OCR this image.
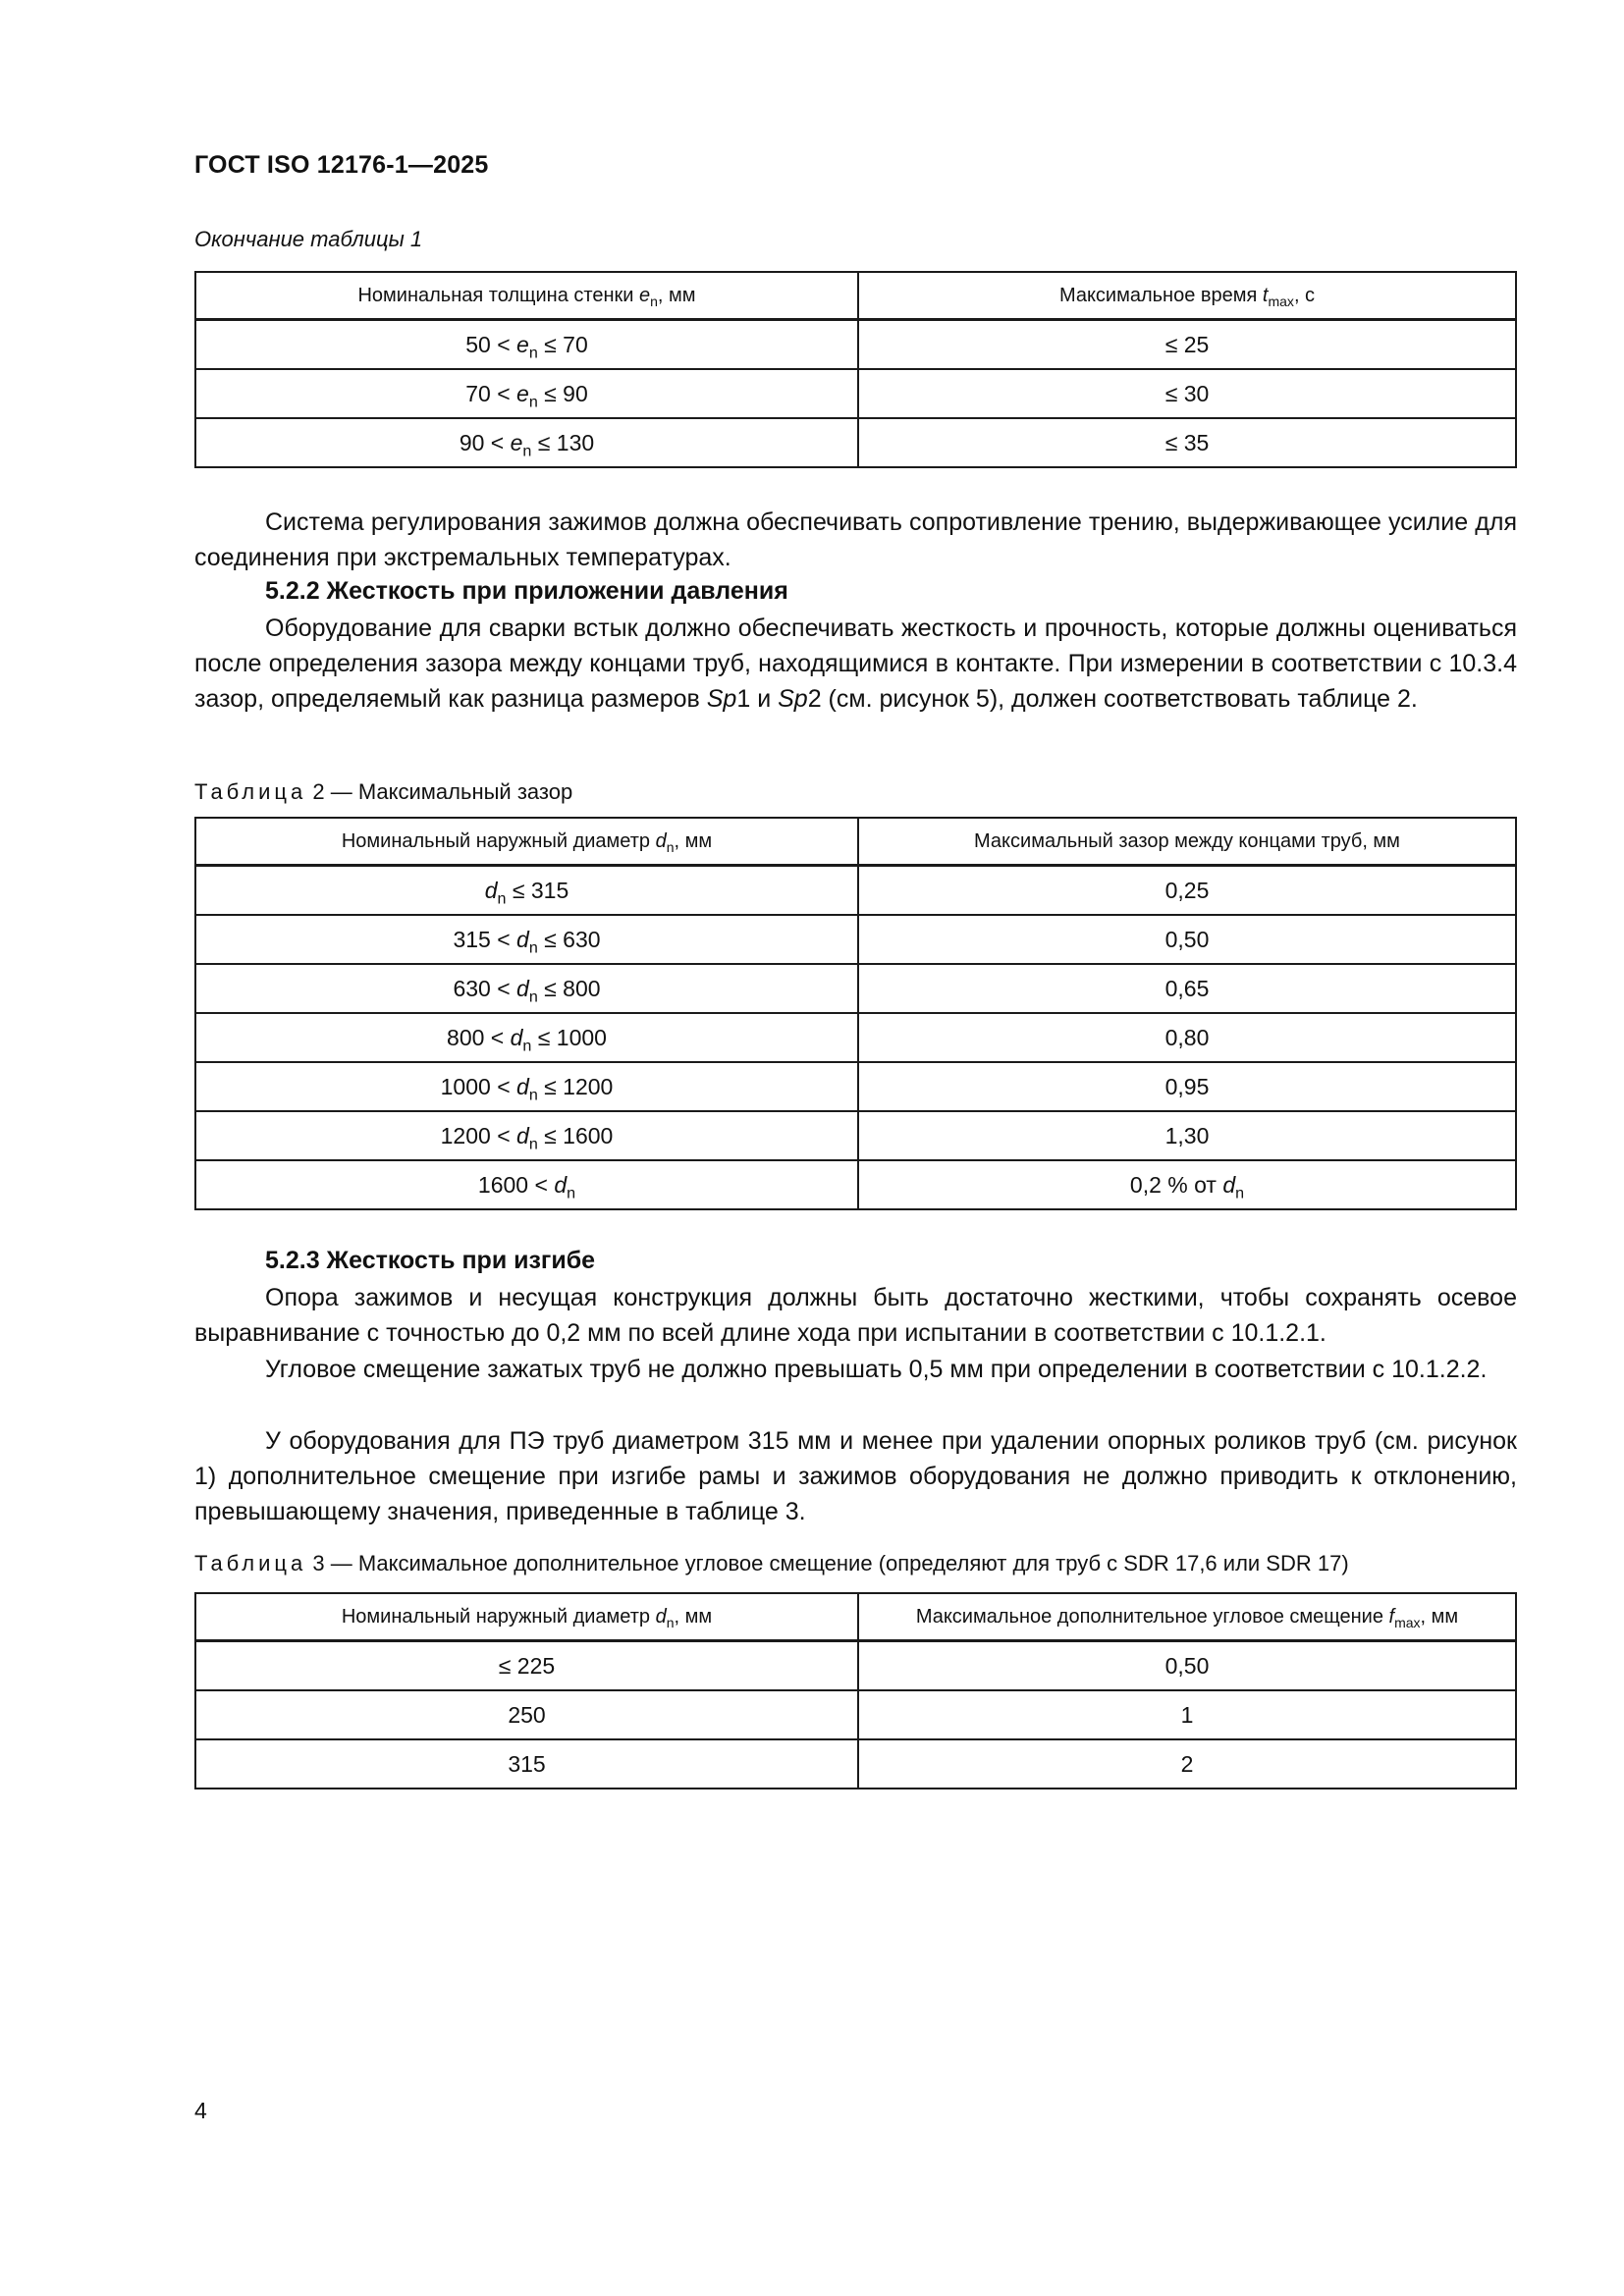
ГОСТ ISO 12176-1—2025
Окончание таблицы 1
Номинальная толщина стенки $e_n$, мм	Максимальное время $t_{max}$, с
$50 < e_n \le 70$	≤ 25
$70 < e_n \le 90$	≤ 30
$90 < e_n \le 130$	≤ 35
Система регулирования зажимов должна обеспечивать сопротивление трению, выдерживающее усилие для соединения при экстремальных температурах.
5.2.2 Жесткость при приложении давления
Оборудование для сварки встык должно обеспечивать жесткость и прочность, которые должны оцениваться после определения зазора между концами труб, находящимися в контакте. При измерении в соответствии с 10.3.4 зазор, определяемый как разница размеров Sp1 и Sp2 (см. рисунок 5), должен соответствовать таблице 2.
Таблица 2 — Максимальный зазор
Номинальный наружный диаметр $d_n$, мм	Максимальный зазор между концами труб, мм
$d_n \le 315$	0,25
$315 < d_n \le 630$	0,50
$630 < d_n \le 800$	0,65
$800 < d_n \le 1000$	0,80
$1000 < d_n \le 1200$	0,95
$1200 < d_n \le 1600$	1,30
$1600 < d_n$	0,2 % от $d_n$
5.2.3 Жесткость при изгибе
Опора зажимов и несущая конструкция должны быть достаточно жесткими, чтобы сохранять осевое выравнивание с точностью до 0,2 мм по всей длине хода при испытании в соответствии с 10.1.2.1.
Угловое смещение зажатых труб не должно превышать 0,5 мм при определении в соответствии с 10.1.2.2.
У оборудования для ПЭ труб диаметром 315 мм и менее при удалении опорных роликов труб (см. рисунок 1) дополнительное смещение при изгибе рамы и зажимов оборудования не должно приводить к отклонению, превышающему значения, приведенные в таблице 3.
Таблица 3 — Максимальное дополнительное угловое смещение (определяют для труб с SDR 17,6 или SDR 17)
Номинальный наружный диаметр $d_n$, мм	Максимальное дополнительное угловое смещение $f_{max}$, мм
≤ 225	0,50
250	1
315	2
4
